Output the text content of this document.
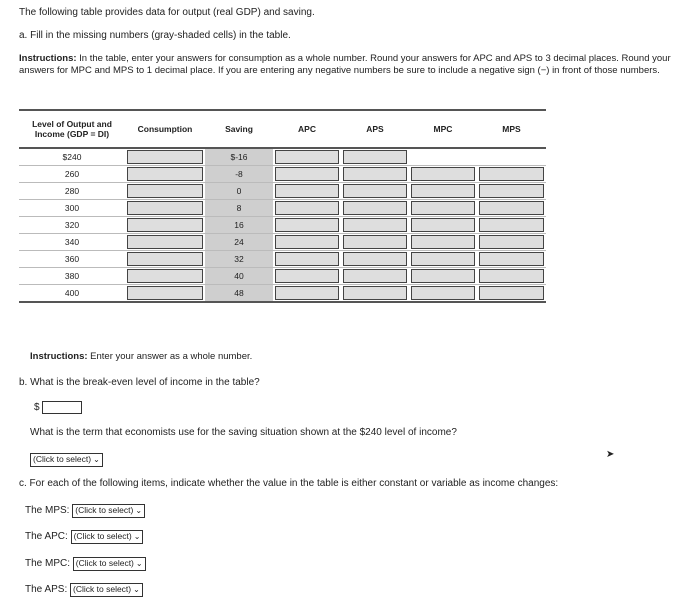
The following table provides data for output (real GDP) and saving.
a. Fill in the missing numbers (gray-shaded cells) in the table.
Instructions: In the table, enter your answers for consumption as a whole number. Round your answers for APC and APS to 3 decimal places. Round your answers for MPC and MPS to 1 decimal place. If you are entering any negative numbers be sure to include a negative sign (−) in front of those numbers.
Level of Output and Income (GDP = DI)	Consumption	Saving	APC	APS	MPC	MPS
$240		$-16	

260		-8	

280		0	

300		8	

320		16	

340		24	

360		32	

380		40	

400		48	

Instructions: Enter your answer as a whole number.
b. What is the break-even level of income in the table?
$
What is the term that economists use for the saving situation shown at the $240 level of income?
(Click to select) ⌄	➤
c. For each of the following items, indicate whether the value in the table is either constant or variable as income changes:
The MPS: (Click to select) ⌄
The APC: (Click to select) ⌄
The MPC: (Click to select) ⌄
The APS: (Click to select) ⌄
